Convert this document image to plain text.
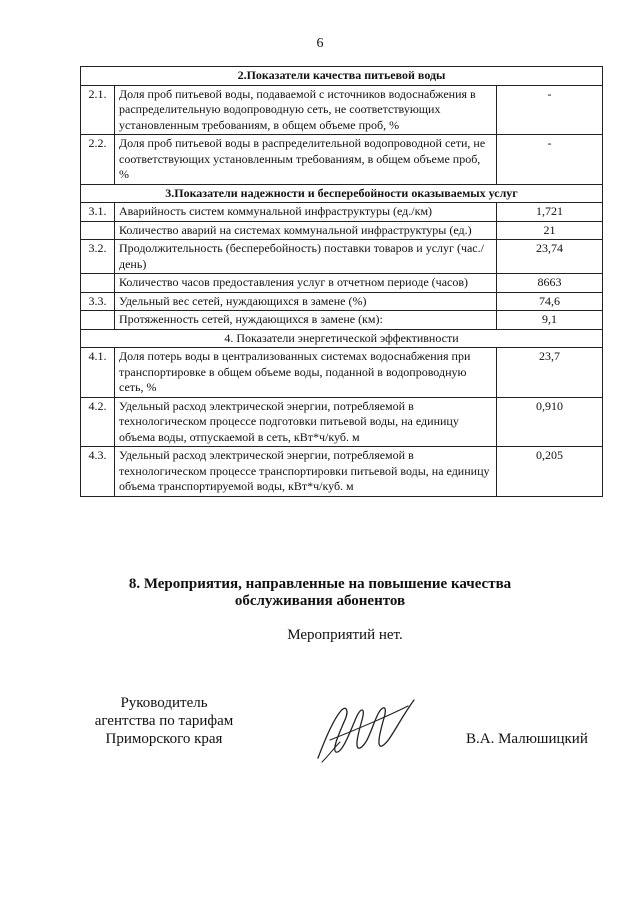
6
2.Показатели качества питьевой воды		
2.1.	Доля проб питьевой воды, подаваемой с источников водоснабжения в распределительную водопроводную сеть, не соответствующих установленным требованиям, в общем объеме проб, %	-
2.2.	Доля проб питьевой воды в распределительной водопроводной сети, не соответствующих установленным требованиям, в общем объеме проб, %	-
3.Показатели надежности и бесперебойности оказываемых услуг		
3.1.	Аварийность систем коммунальной инфраструктуры (ед./км)	1,721
	Количество аварий на системах коммунальной инфраструктуры (ед.)	21
3.2.	Продолжительность (бесперебойность) поставки товаров и услуг (час./день)	23,74
	Количество часов предоставления услуг в отчетном периоде (часов)	8663
3.3.	Удельный вес сетей, нуждающихся в замене (%)	74,6
	Протяженность сетей, нуждающихся в замене (км):	9,1
4. Показатели энергетической эффективности		
4.1.	Доля потерь воды в централизованных системах водоснабжения при транспортировке в общем объеме воды, поданной в водопроводную сеть, %	23,7
4.2.	Удельный расход электрической энергии, потребляемой в технологическом процессе подготовки питьевой воды, на единицу объема воды, отпускаемой в сеть, кВт*ч/куб. м	0,910
4.3.	Удельный расход электрической энергии, потребляемой в технологическом процессе транспортировки питьевой воды, на единицу объема транспортируемой воды, кВт*ч/куб. м	0,205
8. Мероприятия, направленные на повышение качества
обслуживания абонентов
Мероприятий нет.
Руководитель
агентства по тарифам
Приморского края	В.А. Малюшицкий
